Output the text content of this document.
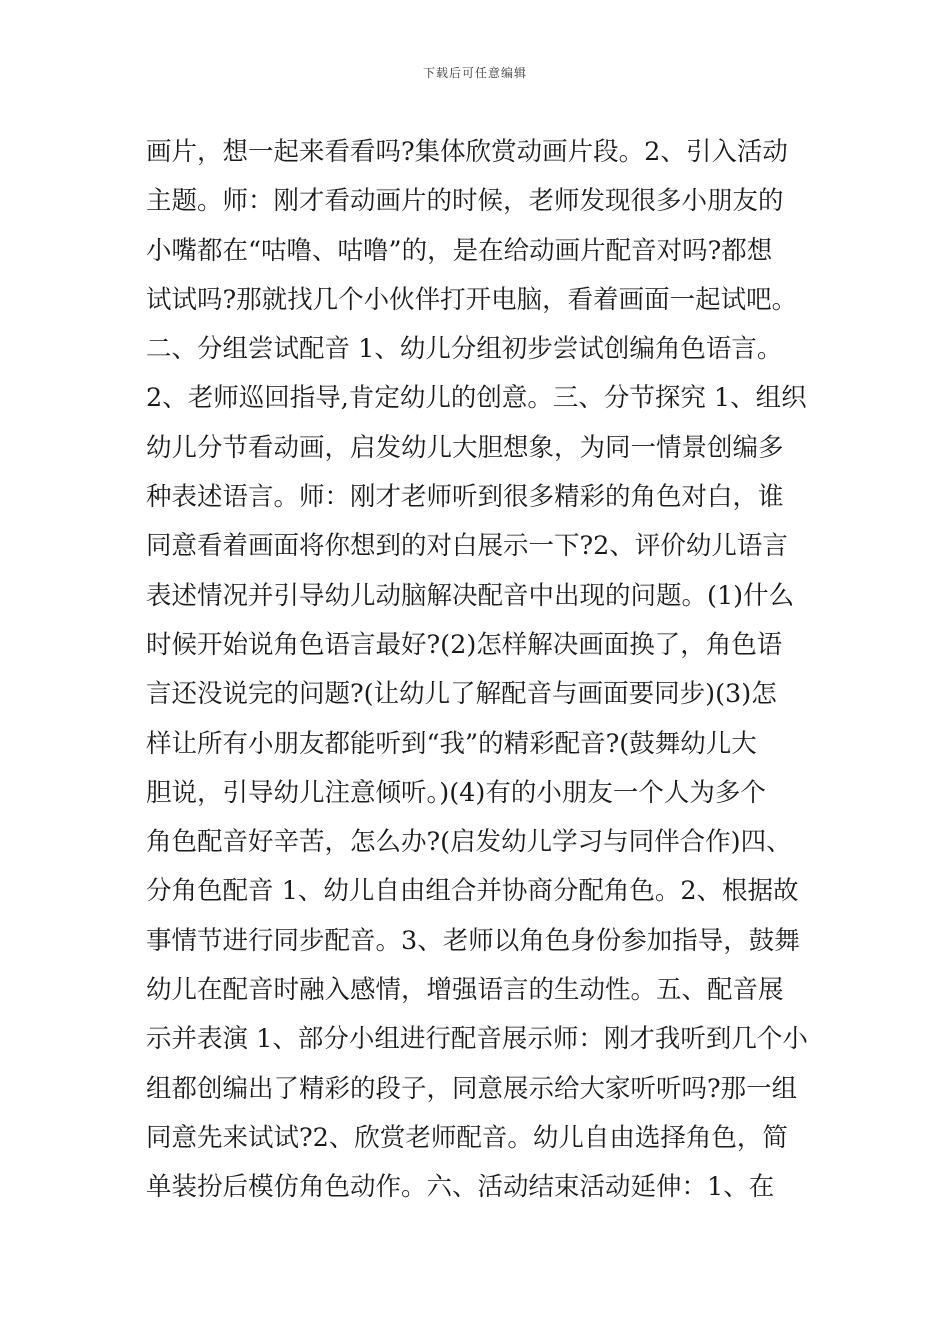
下载后可任意编辑
画片，想一起来看看吗?集体欣赏动画片段。2、引入活动
主题。师：刚才看动画片的时候，老师发现很多小朋友的
小嘴都在“咕噜、咕噜”的，是在给动画片配音对吗?都想
试试吗?那就找几个小伙伴打开电脑，看着画面一起试吧。
二、分组尝试配音 1、幼儿分组初步尝试创编角色语言。
2、老师巡回指导,肯定幼儿的创意。三、分节探究 1、组织
幼儿分节看动画，启发幼儿大胆想象，为同一情景创编多
种表述语言。师：刚才老师听到很多精彩的角色对白，谁
同意看着画面将你想到的对白展示一下?2、评价幼儿语言
表述情况并引导幼儿动脑解决配音中出现的问题。(1)什么
时候开始说角色语言最好?(2)怎样解决画面换了，角色语
言还没说完的问题?(让幼儿了解配音与画面要同步)(3)怎
样让所有小朋友都能听到“我”的精彩配音?(鼓舞幼儿大
胆说，引导幼儿注意倾听。)(4)有的小朋友一个人为多个
角色配音好辛苦，怎么办?(启发幼儿学习与同伴合作)四、
分角色配音 1、幼儿自由组合并协商分配角色。2、根据故
事情节进行同步配音。3、老师以角色身份参加指导，鼓舞
幼儿在配音时融入感情，增强语言的生动性。五、配音展
示并表演 1、部分小组进行配音展示师：刚才我听到几个小
组都创编出了精彩的段子，同意展示给大家听听吗?那一组
同意先来试试?2、欣赏老师配音。幼儿自由选择角色，简
单装扮后模仿角色动作。六、活动结束活动延伸：1、在
